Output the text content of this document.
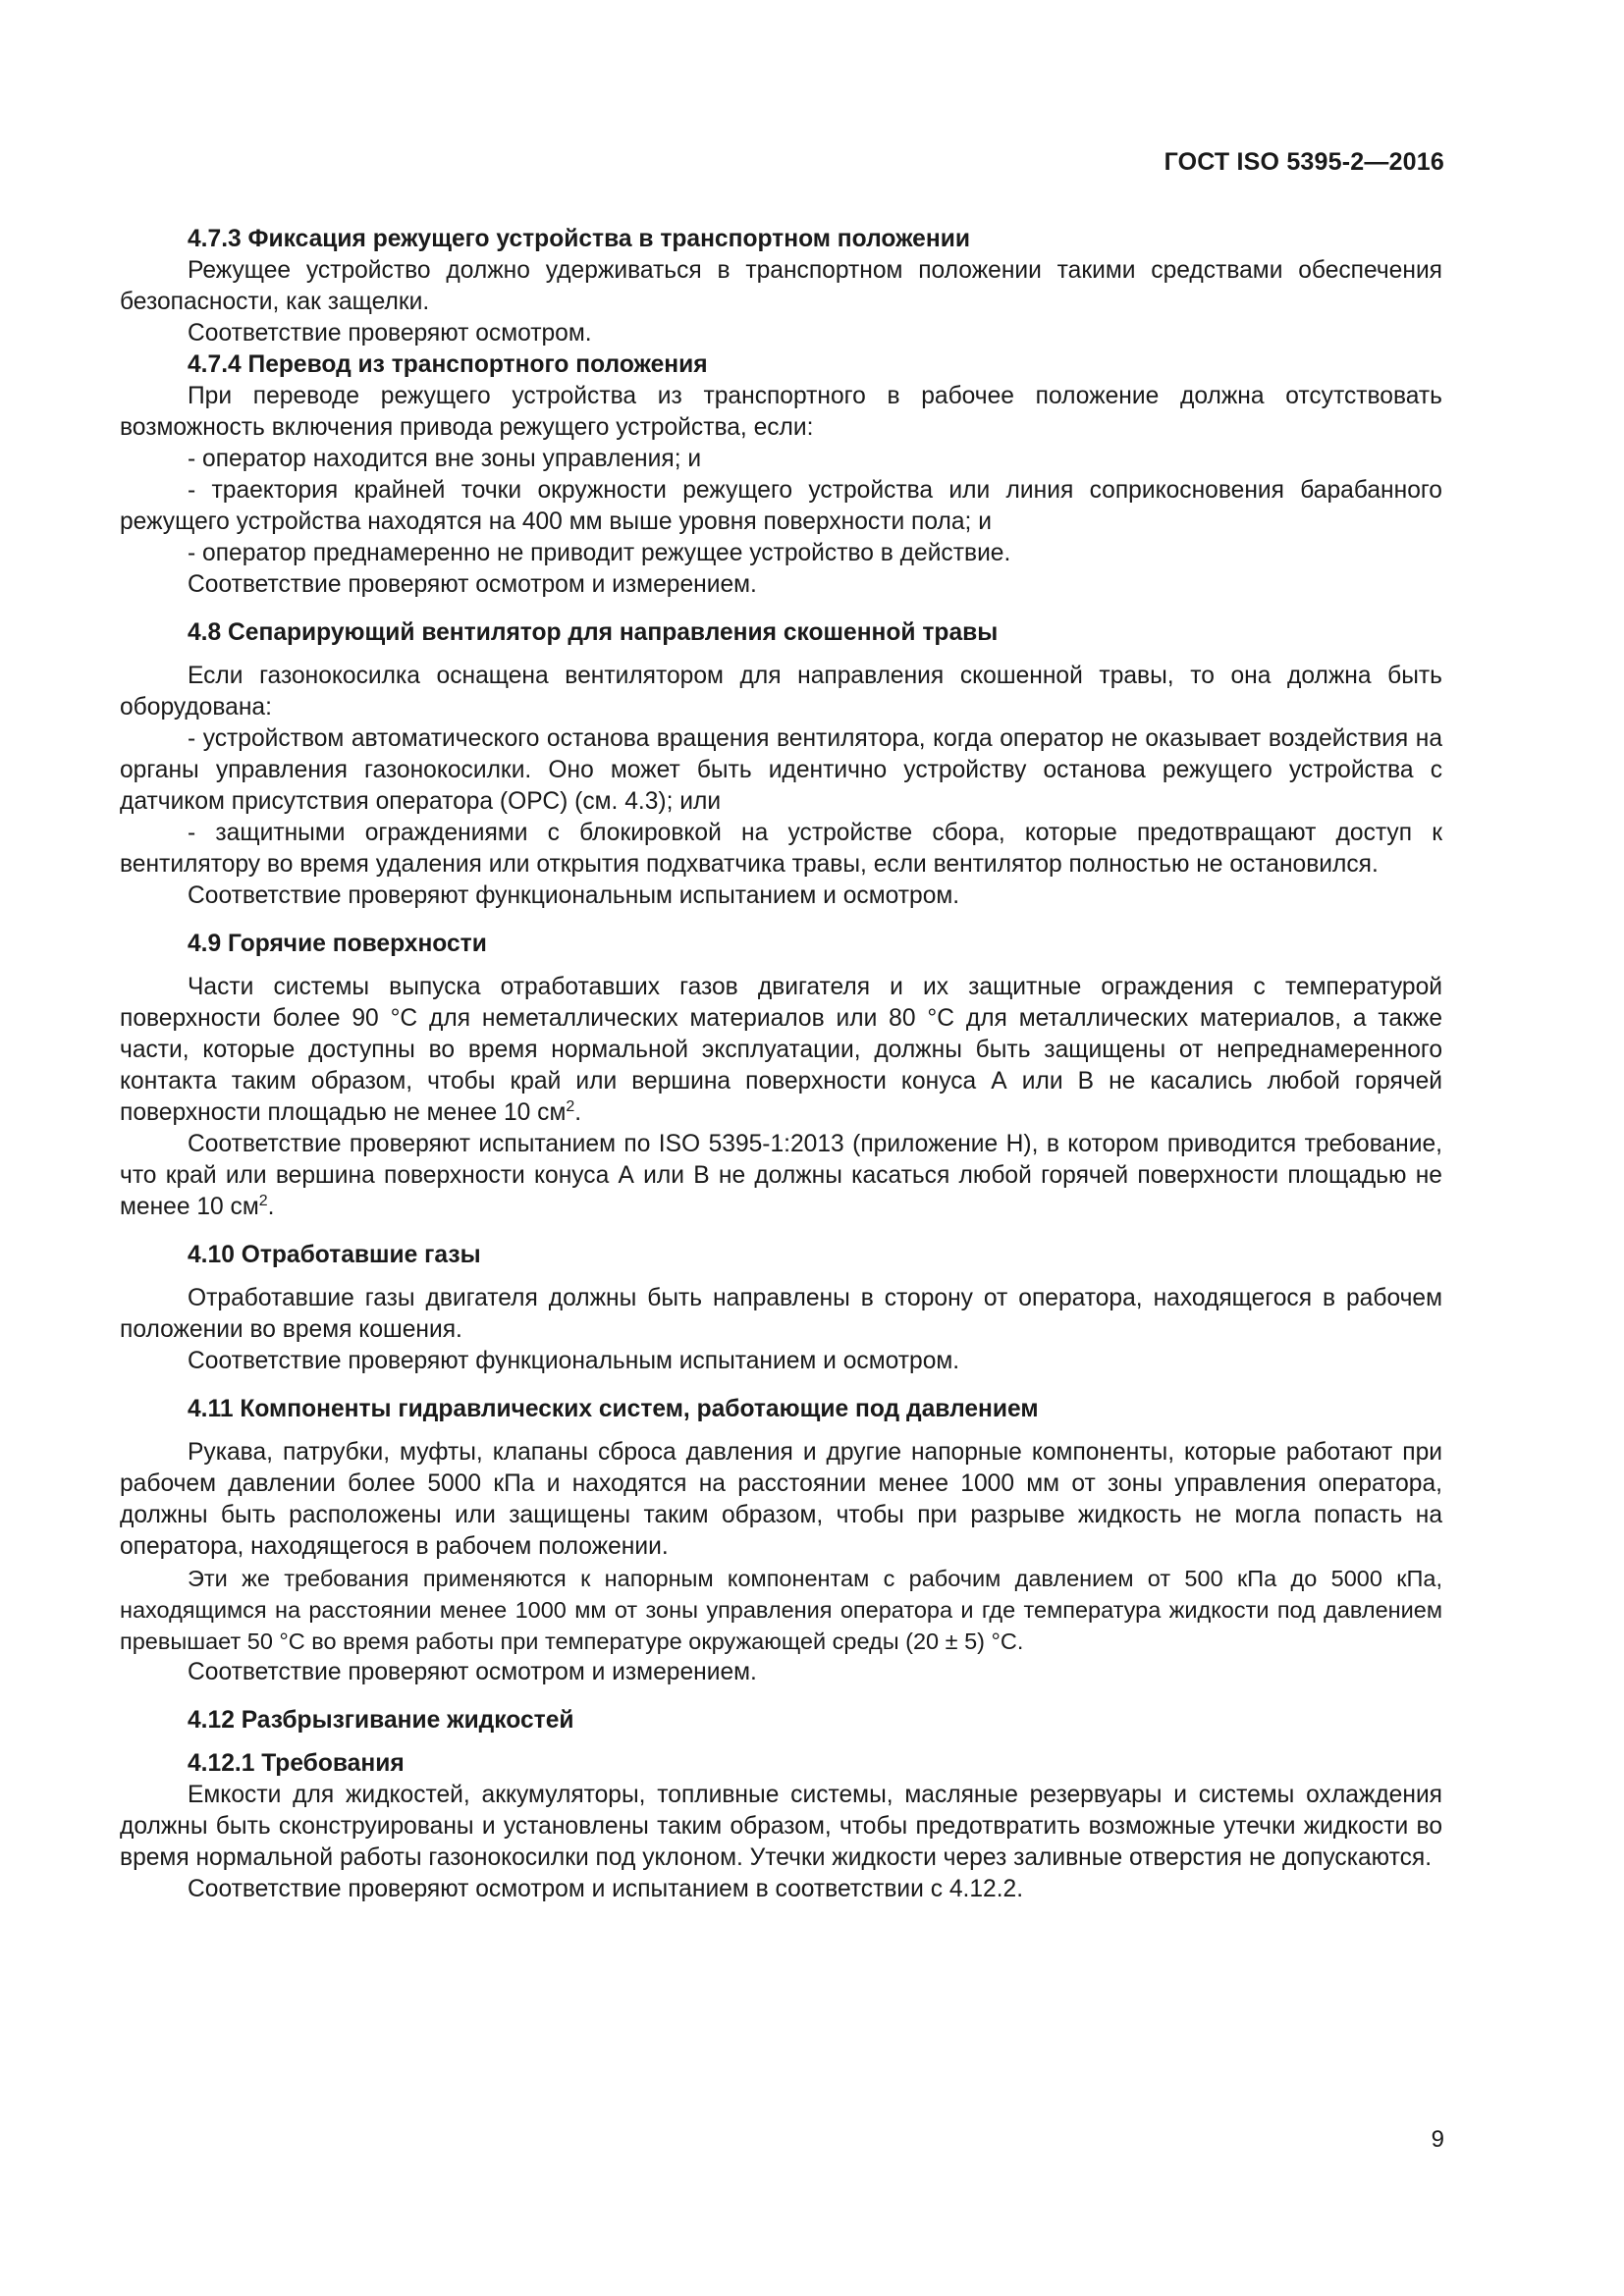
ГОСТ ISO 5395-2—2016

4.7.3 Фиксация режущего устройства в транспортном положении

Режущее устройство должно удерживаться в транспортном положении такими средствами обеспечения безопасности, как защелки.

Соответствие проверяют осмотром.

4.7.4 Перевод из транспортного положения

При переводе режущего устройства из транспортного в рабочее положение должна отсутствовать возможность включения привода режущего устройства, если:

- оператор находится вне зоны управления; и

- траектория крайней точки окружности режущего устройства или линия соприкосновения барабанного режущего устройства находятся на 400 мм выше уровня поверхности пола; и

- оператор преднамеренно не приводит режущее устройство в действие.

Соответствие проверяют осмотром и измерением.

4.8 Сепарирующий вентилятор для направления скошенной травы

Если газонокосилка оснащена вентилятором для направления скошенной травы, то она должна быть оборудована:

- устройством автоматического останова вращения вентилятора, когда оператор не оказывает воздействия на органы управления газонокосилки. Оно может быть идентично устройству останова режущего устройства с датчиком присутствия оператора (ОРС) (см. 4.3); или

- защитными ограждениями с блокировкой на устройстве сбора, которые предотвращают доступ к вентилятору во время удаления или открытия подхватчика травы, если вентилятор полностью не остановился.

Соответствие проверяют функциональным испытанием и осмотром.

4.9 Горячие поверхности

Части системы выпуска отработавших газов двигателя и их защитные ограждения с температурой поверхности более 90 °С для неметаллических материалов или 80 °С для металлических материалов, а также части, которые доступны во время нормальной эксплуатации, должны быть защищены от непреднамеренного контакта таким образом, чтобы край или вершина поверхности конуса А или В не касались любой горячей поверхности площадью не менее 10 $см^2$.

Соответствие проверяют испытанием по ISO 5395-1:2013 (приложение Н), в котором приводится требование, что край или вершина поверхности конуса А или В не должны касаться любой горячей поверхности площадью не менее 10 $см^2$.

4.10 Отработавшие газы

Отработавшие газы двигателя должны быть направлены в сторону от оператора, находящегося в рабочем положении во время кошения.

Соответствие проверяют функциональным испытанием и осмотром.

4.11 Компоненты гидравлических систем, работающие под давлением

Рукава, патрубки, муфты, клапаны сброса давления и другие напорные компоненты, которые работают при рабочем давлении более 5000 кПа и находятся на расстоянии менее 1000 мм от зоны управления оператора, должны быть расположены или защищены таким образом, чтобы при разрыве жидкость не могла попасть на оператора, находящегося в рабочем положении.

Эти же требования применяются к напорным компонентам с рабочим давлением от 500 кПа до 5000 кПа, находящимся на расстоянии менее 1000 мм от зоны управления оператора и где температура жидкости под давлением превышает 50 °С во время работы при температуре окружающей среды (20 ± 5) °С.

Соответствие проверяют осмотром и измерением.

4.12 Разбрызгивание жидкостей

4.12.1 Требования

Емкости для жидкостей, аккумуляторы, топливные системы, масляные резервуары и системы охлаждения должны быть сконструированы и установлены таким образом, чтобы предотвратить возможные утечки жидкости во время нормальной работы газонокосилки под уклоном. Утечки жидкости через заливные отверстия не допускаются.

Соответствие проверяют осмотром и испытанием в соответствии с 4.12.2.

9
